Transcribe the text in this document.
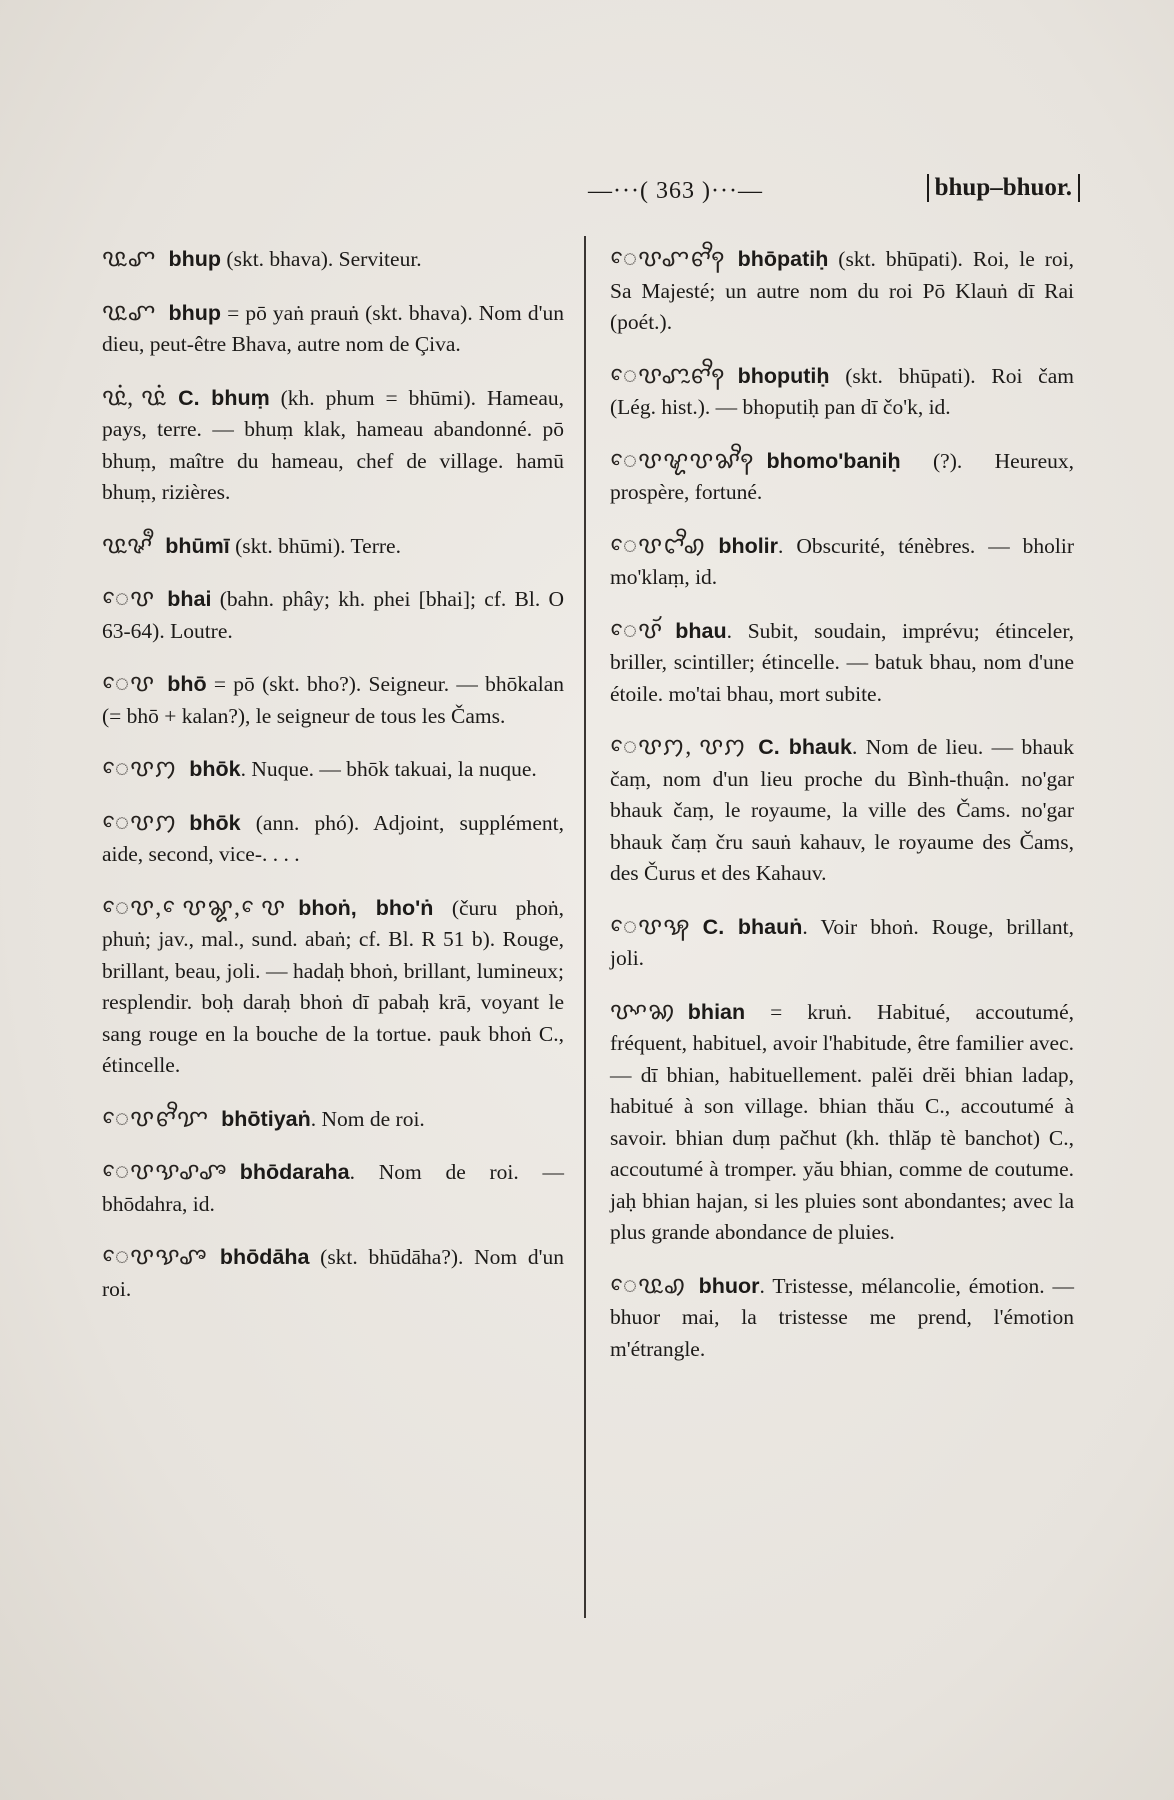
—···( 363 )···—	bhup–bhuor.

ꨝꨭꨚ bhup (skt. bhava). Serviteur.

ꨝꨭꨚ bhup = pō yaṅ prauṅ (skt. bhava). Nom d'un dieu, peut-être Bhava, autre nom de Çiva.

ꨝꨭꩌ, ꨝꨭꩌ C. bhuṃ (kh. phum = bhūmi). Hameau, pays, terre. — bhuṃ klak, hameau abandonné. pō bhuṃ, maître du hameau, chef de village. hamū bhuṃ, rizières.

ꨝꨭꨟꨫ bhūmī (skt. bhūmi). Terre.

ꨯꨝ bhai (bahn. phây; kh. phei [bhai]; cf. Bl. O 63-64). Loutre.

ꨯꨝ bhō = pō (skt. bho?). Seigneur. — bhōkalan (= bhō + kalan?), le seigneur de tous les Čams.

ꨯꨝꩀ bhōk. Nuque. — bhōk takuai, la nuque.

ꨯꨝꩀ bhōk (ann. phó). Adjoint, supplément, aide, second, vice-. . . .

ꨯꨝ, ꨯꨝꨘ, ꨯꨝ bhoṅ, bho'ṅ (čuru phoṅ, phuṅ; jav., mal., sund. abaṅ; cf. Bl. R 51 b). Rouge, brillant, beau, joli. — hadaḥ bhoṅ, brillant, lumineux; resplendir. boḥ daraḥ bhoṅ dī pabaḥ krā, voyant le sang rouge en la bouche de la tortue. pauk bhoṅ C., étincelle.

ꨯꨝꨓꨪꨢ bhōtiyaṅ. Nom de roi.

ꨯꨝꨕꨣꨨ bhōdaraha. Nom de roi. — bhōdahra, id.

ꨯꨝꨕꨨ bhōdāha (skt. bhūdāha?). Nom d'un roi.

ꨯꨝꨚꨓꨪꩍ bhōpatiḥ (skt. bhūpati). Roi, le roi, Sa Majesté; un autre nom du roi Pō Klauṅ dī Rai (poét.).

ꨯꨝꨚꨭꨓꨪꩍ bhoputiḥ (skt. bhūpati). Roi čam (Lég. hist.). — bhoputiḥ pan dī čo'k, id.

ꨯꨝꨠꨝꨗꨪꩍ bhomo'baniḥ (?). Heureux, prospère, fortuné.

ꨯꨝꨤꨪꩉ bholir. Obscurité, ténèbres. — bholir mo'klaṃ, id.

ꨯꨝꨮ bhau. Subit, soudain, imprévu; étinceler, briller, scintiller; étincelle. — batuk bhau, nom d'une étoile. mo'tai bhau, mort subite.

ꨯꨝꩀ, ꨝꩀ C. bhauk. Nom de lieu. — bhauk čaṃ, nom d'un lieu proche du Bình-thuận. no'gar bhauk čaṃ, le royaume, la ville des Čams. no'gar bhauk čaṃ čru sauṅ kahauv, le royaume des Čams, des Čurus et des Kahauv.

ꨯꨝꩂ C. bhauṅ. Voir bhoṅ. Rouge, brillant, joli.

ꨝꨳꩆ bhian = kruṅ. Habitué, accoutumé, fréquent, habituel, avoir l'habitude, être familier avec. — dī bhian, habituellement. palĕi drĕi bhian ladap, habitué à son village. bhian thău C., accoutumé à savoir. bhian duṃ pačhut (kh. thlăp tè banchot) C., accoutumé à tromper. yău bhian, comme de coutume. jaḥ bhian hajan, si les pluies sont abondantes; avec la plus grande abondance de pluies.

ꨯꨝꨭꩉ bhuor. Tristesse, mélancolie, émotion. — bhuor mai, la tristesse me prend, l'émotion m'étrangle.
